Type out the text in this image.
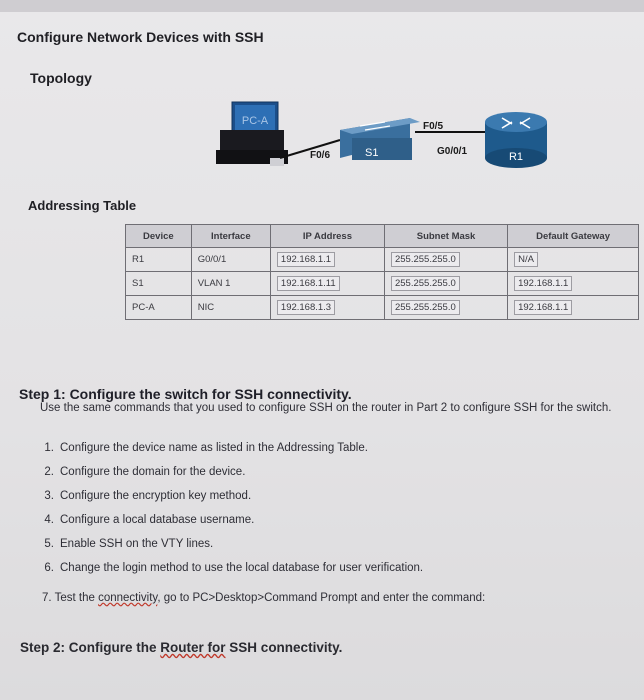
Configure Network Devices with SSH
Topology
PC-A
F0/6	S1
F0/5
G0/0/1	R1
Addressing Table
Device	Interface	IP Address	Subnet Mask	Default Gateway
R1	G0/0/1	192.168.1.1	255.255.255.0	N/A
S1	VLAN 1	192.168.1.11	255.255.255.0	192.168.1.1
PC-A	NIC	192.168.1.3	255.255.255.0	192.168.1.1
Step 1: Configure the switch for SSH connectivity.
Use the same commands that you used to configure SSH on the router in Part 2 to configure SSH for the switch.
1. Configure the device name as listed in the Addressing Table.
2. Configure the domain for the device.
3. Configure the encryption key method.
4. Configure a local database username.
5. Enable SSH on the VTY lines.
6. Change the login method to use the local database for user verification.
7. Test the connectivity, go to PC>Desktop>Command Prompt and enter the command:
Step 2: Configure the Router for SSH connectivity.
